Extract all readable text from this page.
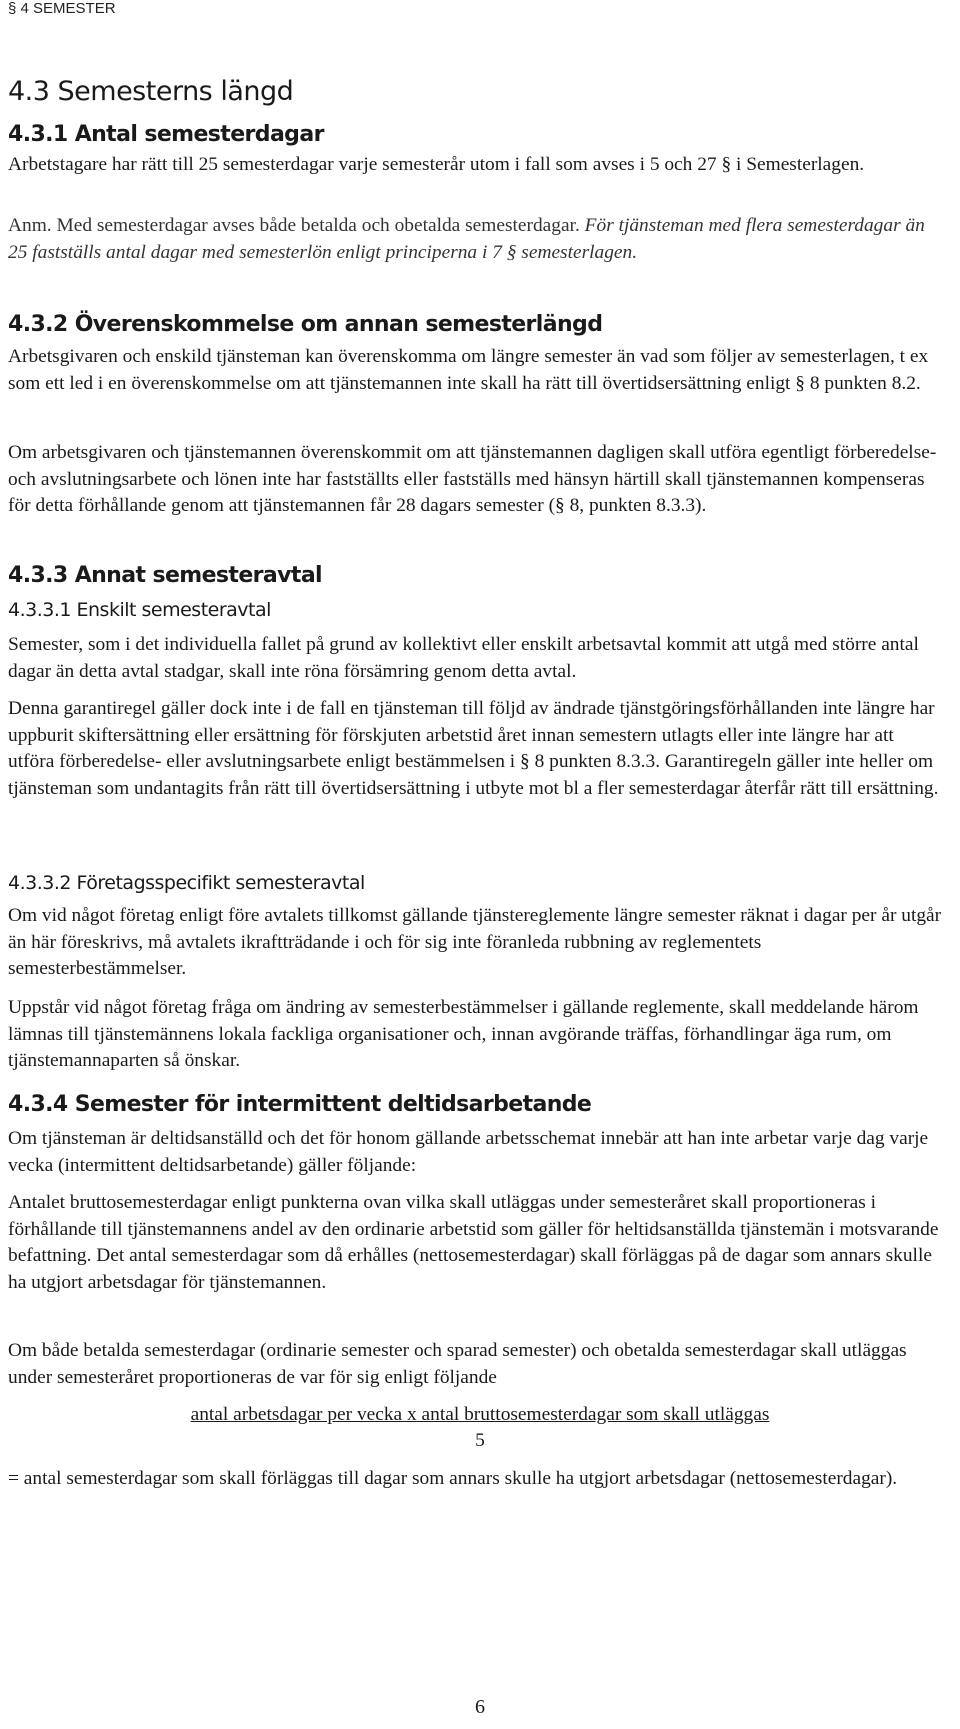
§ 4 SEMESTER
4.3 Semesterns längd
4.3.1 Antal semesterdagar

Arbetstagare har rätt till 25 semesterdagar varje semesterår utom i fall som avses i 5 och 27 § i Semesterlagen.

Anm. Med semesterdagar avses både betalda och obetalda semesterdagar. För tjänsteman med flera semesterdagar än 25 fastställs antal dagar med semesterlön enligt principerna i 7 § semesterlagen.

4.3.2 Överenskommelse om annan semesterlängd

Arbetsgivaren och enskild tjänsteman kan överenskomma om längre semester än vad som följer av semesterlagen, t ex som ett led i en överenskommelse om att tjänstemannen inte skall ha rätt till övertidsersättning enligt § 8 punkten 8.2.

Om arbetsgivaren och tjänstemannen överenskommit om att tjänstemannen dagligen skall utföra egentligt förberedelse- och avslutningsarbete och lönen inte har fastställts eller fastställs med hänsyn härtill skall tjänstemannen kompenseras för detta förhållande genom att tjänstemannen får 28 dagars semester (§ 8, punkten 8.3.3).

4.3.3 Annat semesteravtal
4.3.3.1 Enskilt semesteravtal

Semester, som i det individuella fallet på grund av kollektivt eller enskilt arbetsavtal kommit att utgå med större antal dagar än detta avtal stadgar, skall inte röna försämring genom detta avtal.

Denna garantiregel gäller dock inte i de fall en tjänsteman till följd av ändrade tjänstgöringsförhållanden inte längre har uppburit skiftersättning eller ersättning för förskjuten arbetstid året innan semestern utlagts eller inte längre har att utföra förberedelse- eller avslutningsarbete enligt bestämmelsen i § 8 punkten 8.3.3. Garantiregeln gäller inte heller om tjänsteman som undantagits från rätt till övertidsersättning i utbyte mot bl a fler semesterdagar återfår rätt till ersättning.

4.3.3.2 Företagsspecifikt semesteravtal

Om vid något företag enligt före avtalets tillkomst gällande tjänstereglemente längre semester räknat i dagar per år utgår än här föreskrivs, må avtalets ikraftträdande i och för sig inte föranleda rubbning av reglementets semesterbestämmelser.

Uppstår vid något företag fråga om ändring av semesterbestämmelser i gällande reglemente, skall meddelande härom lämnas till tjänstemännens lokala fackliga organisationer och, innan avgörande träffas, förhandlingar äga rum, om tjänstemannaparten så önskar.

4.3.4 Semester för intermittent deltidsarbetande

Om tjänsteman är deltidsanställd och det för honom gällande arbetsschemat innebär att han inte arbetar varje dag varje vecka (intermittent deltidsarbetande) gäller följande:

Antalet bruttosemesterdagar enligt punkterna ovan vilka skall utläggas under semesteråret skall proportioneras i förhållande till tjänstemannens andel av den ordinarie arbetstid som gäller för heltidsanställda tjänstemän i motsvarande befattning. Det antal semesterdagar som då erhålles (nettosemesterdagar) skall förläggas på de dagar som annars skulle ha utgjort arbetsdagar för tjänstemannen.

Om både betalda semesterdagar (ordinarie semester och sparad semester) och obetalda semesterdagar skall utläggas under semesteråret proportioneras de var för sig enligt följande

antal arbetsdagar per vecka x antal bruttosemesterdagar som skall utläggas
5

= antal semesterdagar som skall förläggas till dagar som annars skulle ha utgjort arbetsdagar (nettosemesterdagar).

6
